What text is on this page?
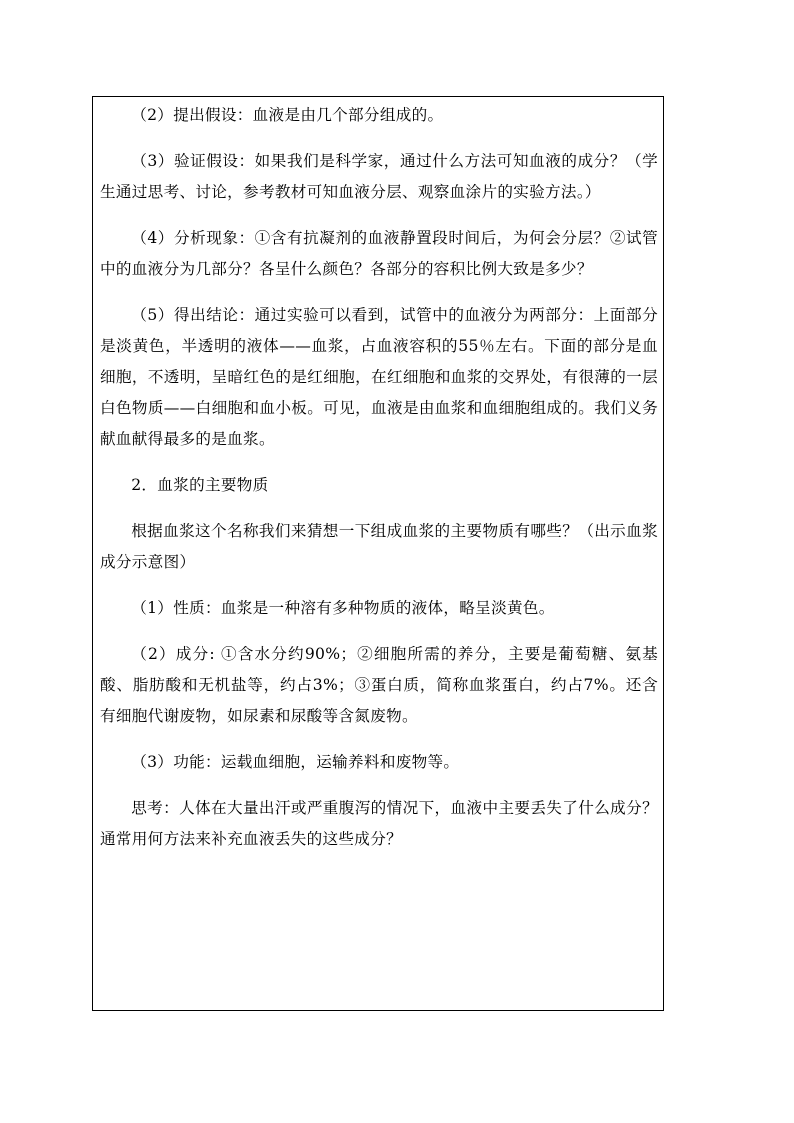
（2）提出假设：血液是由几个部分组成的。

（3）验证假设：如果我们是科学家，通过什么方法可知血液的成分？（学生通过思考、讨论，参考教材可知血液分层、观察血涂片的实验方法。）

（4）分析现象：①含有抗凝剂的血液静置段时间后，为何会分层？②试管中的血液分为几部分？各呈什么颜色？各部分的容积比例大致是多少？

（5）得出结论：通过实验可以看到，试管中的血液分为两部分：上面部分是淡黄色，半透明的液体——血浆，占血液容积的55％左右。下面的部分是血细胞，不透明，呈暗红色的是红细胞，在红细胞和血浆的交界处，有很薄的一层白色物质——白细胞和血小板。可见，血液是由血浆和血细胞组成的。我们义务献血献得最多的是血浆。

2．血浆的主要物质

根据血浆这个名称我们来猜想一下组成血浆的主要物质有哪些？（出示血浆成分示意图）

（1）性质：血浆是一种溶有多种物质的液体，略呈淡黄色。

（2）成分: ①含水分约90%；②细胞所需的养分，主要是葡萄糖、氨基酸、脂肪酸和无机盐等，约占3%；③蛋白质，简称血浆蛋白，约占7%。还含有细胞代谢废物，如尿素和尿酸等含氮废物。

（3）功能：运载血细胞，运输养料和废物等。

思考：人体在大量出汗或严重腹泻的情况下，血液中主要丢失了什么成分？通常用何方法来补充血液丢失的这些成分？
